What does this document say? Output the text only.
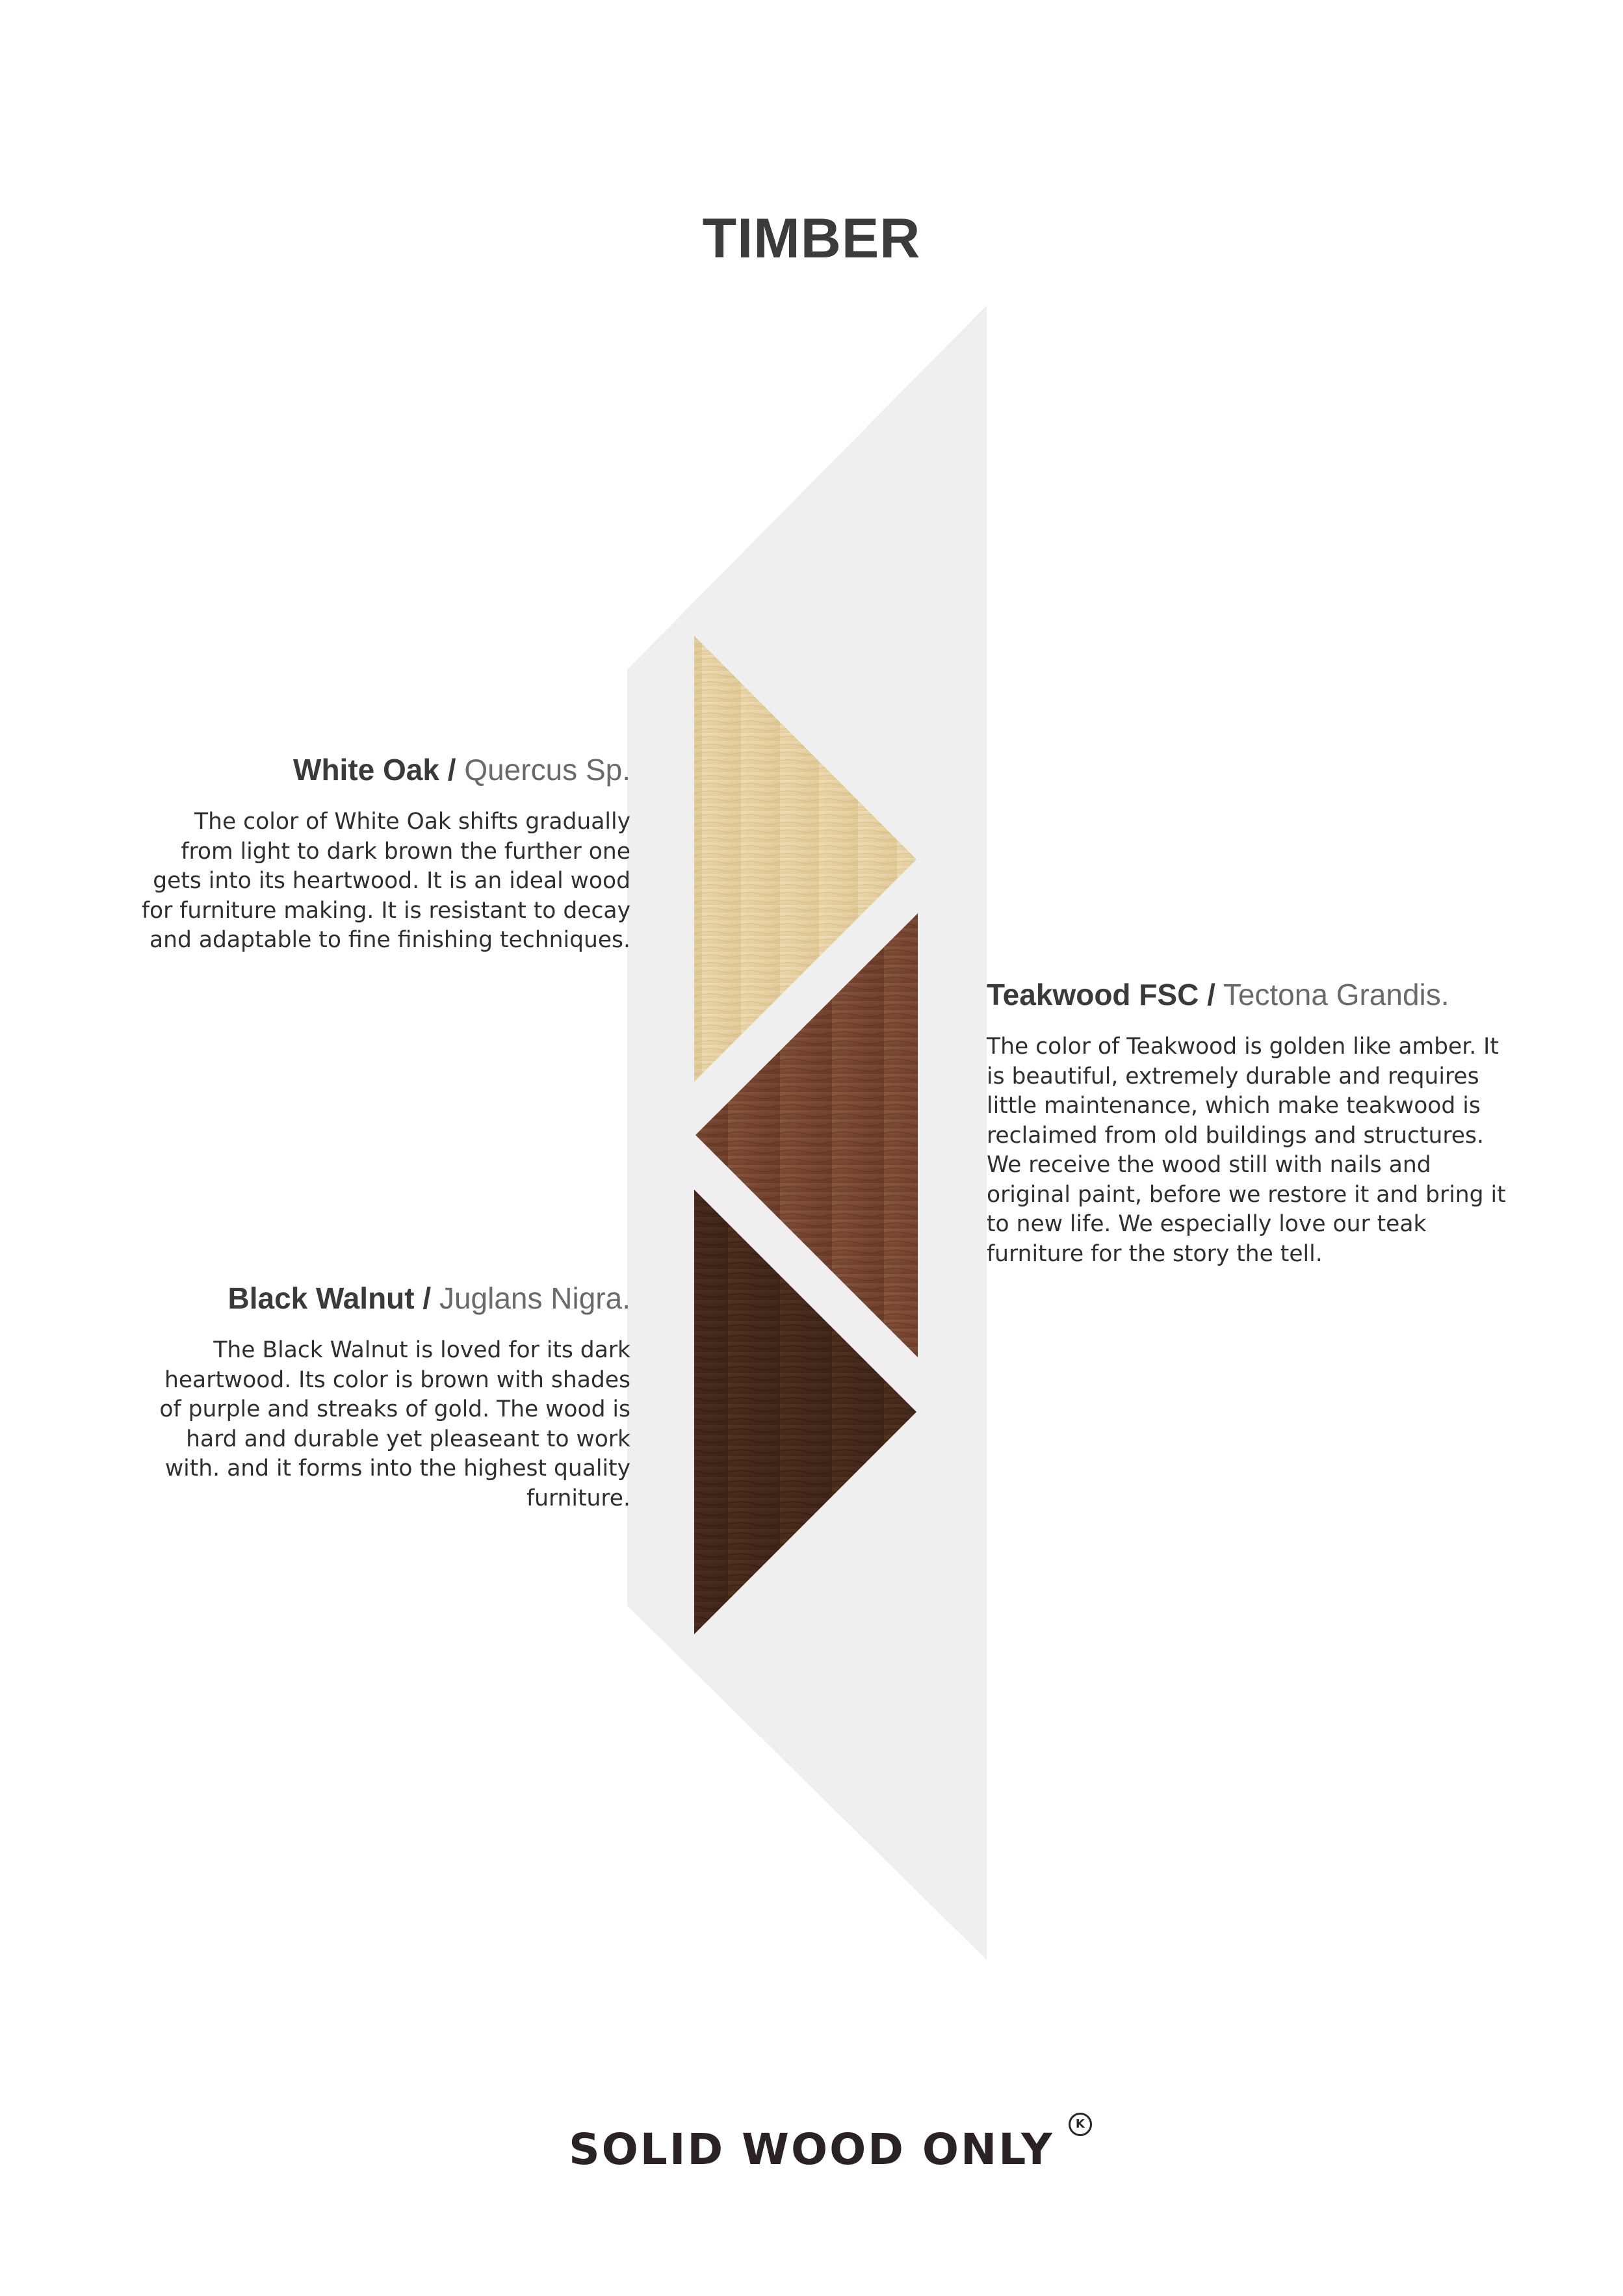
TIMBER
White Oak / Quercus Sp.

The color of White Oak shifts gradually from light to dark brown the further one gets into its heartwood. It is an ideal wood for furniture making. It is resistant to decay and adaptable to fine finishing techniques.

Teakwood FSC / Tectona Grandis.

The color of Teakwood is golden like amber. It is beautiful, extremely durable and requires little maintenance, which make teakwood is reclaimed from old buildings and structures. We receive the wood still with nails and original paint, before we restore it and bring it to new life. We especially love our teak furniture for the story the tell.

Black Walnut / Juglans Nigra.

The Black Walnut is loved for its dark heartwood. Its color is brown with shades of purple and streaks of gold. The wood is hard and durable yet pleaseant to work with. and it forms into the highest quality furniture.

SOLID WOOD ONLY
K
